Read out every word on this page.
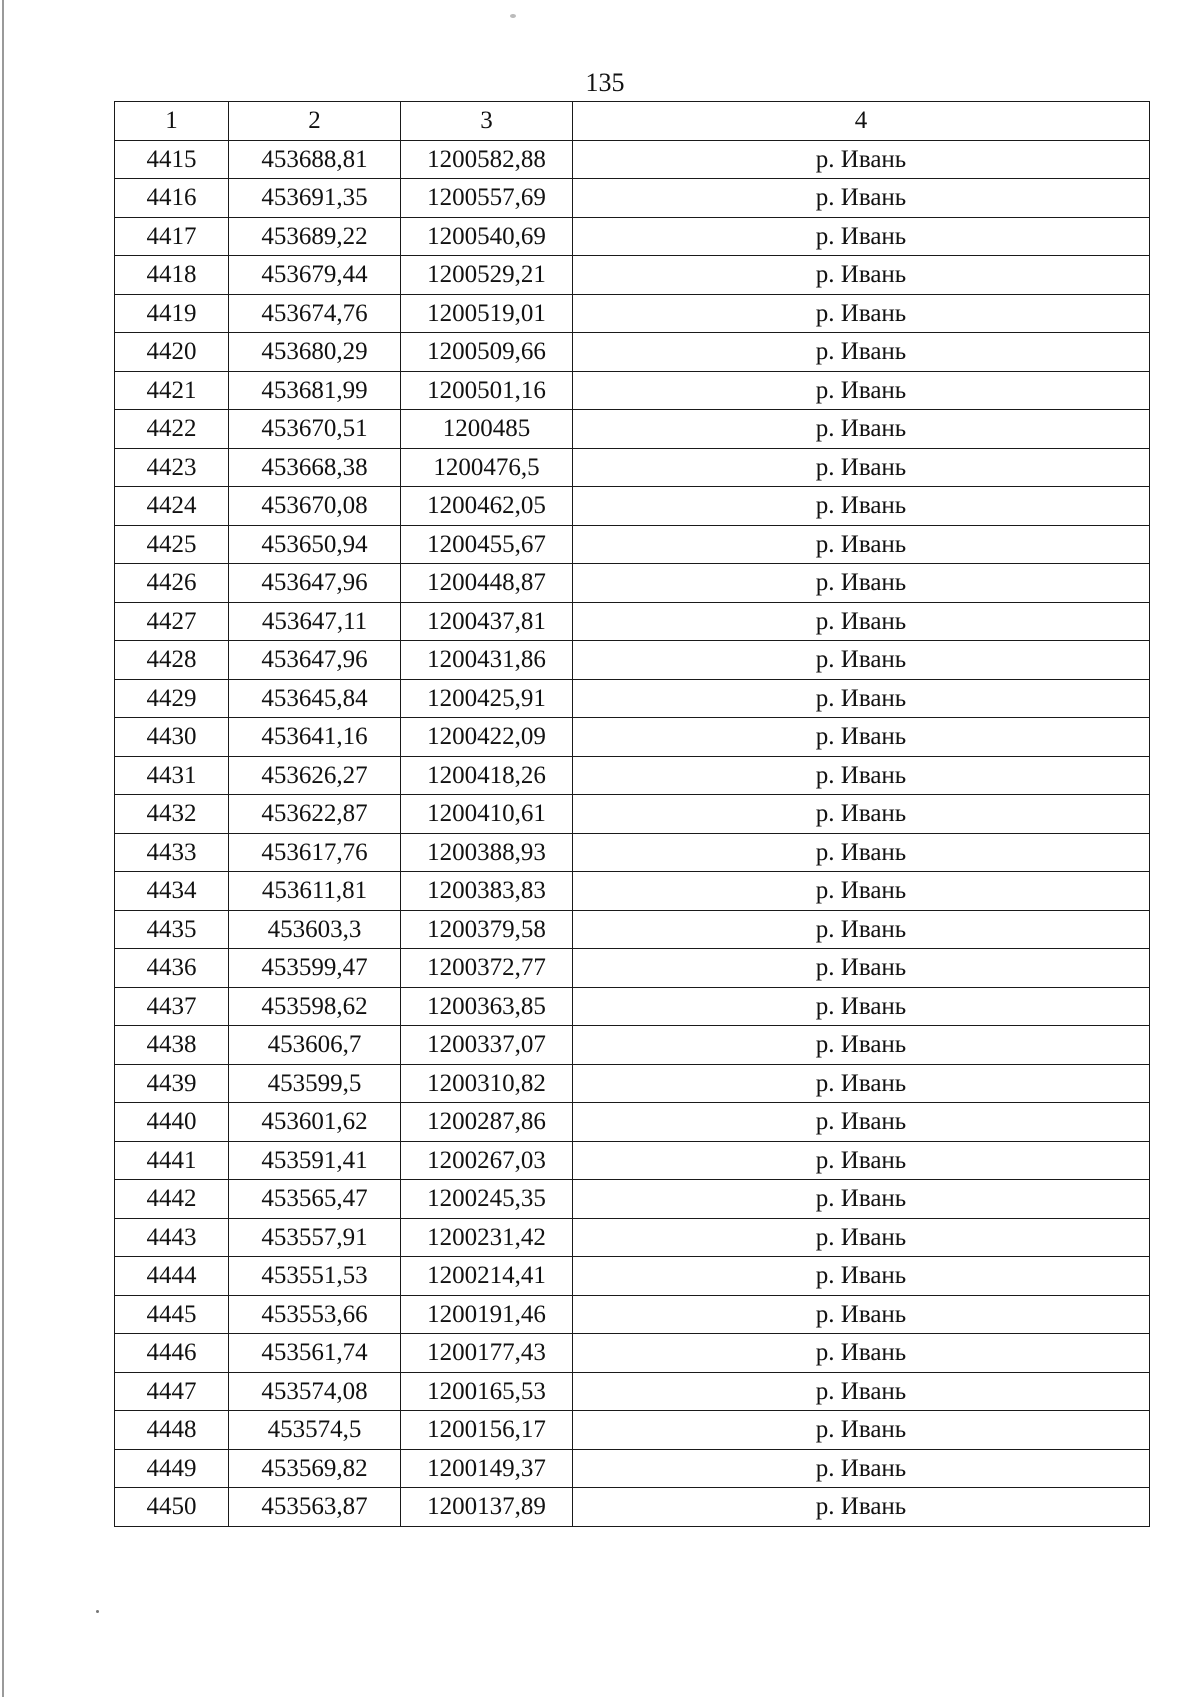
135
1	2	3	4
4415	453688,81	1200582,88	р. Ивань
4416	453691,35	1200557,69	р. Ивань
4417	453689,22	1200540,69	р. Ивань
4418	453679,44	1200529,21	р. Ивань
4419	453674,76	1200519,01	р. Ивань
4420	453680,29	1200509,66	р. Ивань
4421	453681,99	1200501,16	р. Ивань
4422	453670,51	1200485	р. Ивань
4423	453668,38	1200476,5	р. Ивань
4424	453670,08	1200462,05	р. Ивань
4425	453650,94	1200455,67	р. Ивань
4426	453647,96	1200448,87	р. Ивань
4427	453647,11	1200437,81	р. Ивань
4428	453647,96	1200431,86	р. Ивань
4429	453645,84	1200425,91	р. Ивань
4430	453641,16	1200422,09	р. Ивань
4431	453626,27	1200418,26	р. Ивань
4432	453622,87	1200410,61	р. Ивань
4433	453617,76	1200388,93	р. Ивань
4434	453611,81	1200383,83	р. Ивань
4435	453603,3	1200379,58	р. Ивань
4436	453599,47	1200372,77	р. Ивань
4437	453598,62	1200363,85	р. Ивань
4438	453606,7	1200337,07	р. Ивань
4439	453599,5	1200310,82	р. Ивань
4440	453601,62	1200287,86	р. Ивань
4441	453591,41	1200267,03	р. Ивань
4442	453565,47	1200245,35	р. Ивань
4443	453557,91	1200231,42	р. Ивань
4444	453551,53	1200214,41	р. Ивань
4445	453553,66	1200191,46	р. Ивань
4446	453561,74	1200177,43	р. Ивань
4447	453574,08	1200165,53	р. Ивань
4448	453574,5	1200156,17	р. Ивань
4449	453569,82	1200149,37	р. Ивань
4450	453563,87	1200137,89	р. Ивань
